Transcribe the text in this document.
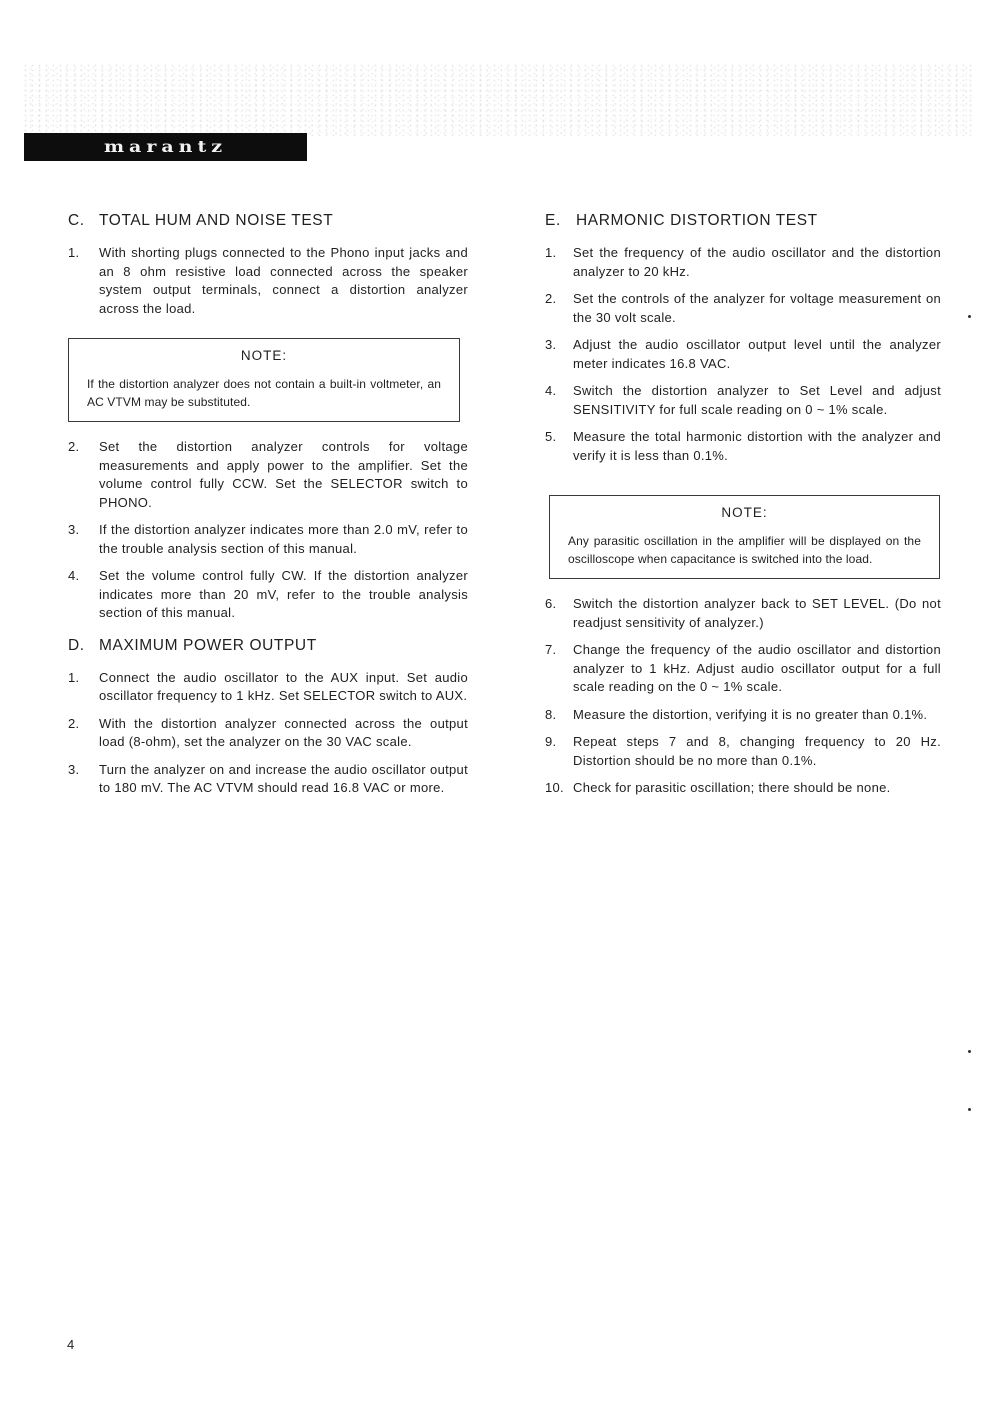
marantz
C. TOTAL HUM AND NOISE TEST
1.	With shorting plugs connected to the Phono input jacks and an 8 ohm resistive load connected across the speaker system output terminals, connect a distortion analyzer across the load.
NOTE:
If the distortion analyzer does not contain a built-in voltmeter, an AC VTVM may be substituted.
2.	Set the distortion analyzer controls for voltage measurements and apply power to the amplifier. Set the volume control fully CCW. Set the SELECTOR switch to PHONO.
3.	If the distortion analyzer indicates more than 2.0 mV, refer to the trouble analysis section of this manual.
4.	Set the volume control fully CW. If the distortion analyzer indicates more than 20 mV, refer to the trouble analysis section of this manual.
D. MAXIMUM POWER OUTPUT
1.	Connect the audio oscillator to the AUX input. Set audio oscillator frequency to 1 kHz. Set SELECTOR switch to AUX.
2.	With the distortion analyzer connected across the output load (8-ohm), set the analyzer on the 30 VAC scale.
3.	Turn the analyzer on and increase the audio oscillator output to 180 mV. The AC VTVM should read 16.8 VAC or more.
E. HARMONIC DISTORTION TEST
1.	Set the frequency of the audio oscillator and the distortion analyzer to 20 kHz.
2.	Set the controls of the analyzer for voltage measurement on the 30 volt scale.
3.	Adjust the audio oscillator output level until the analyzer meter indicates 16.8 VAC.
4.	Switch the distortion analyzer to Set Level and adjust SENSITIVITY for full scale reading on 0 ~ 1% scale.
5.	Measure the total harmonic distortion with the analyzer and verify it is less than 0.1%.
NOTE:
Any parasitic oscillation in the amplifier will be displayed on the oscilloscope when capacitance is switched into the load.
6.	Switch the distortion analyzer back to SET LEVEL. (Do not readjust sensitivity of analyzer.)
7.	Change the frequency of the audio oscillator and distortion analyzer to 1 kHz. Adjust audio oscillator output for a full scale reading on the 0 ~ 1% scale.
8.	Measure the distortion, verifying it is no greater than 0.1%.
9.	Repeat steps 7 and 8, changing frequency to 20 Hz. Distortion should be no more than 0.1%.
10. Check for parasitic oscillation; there should be none.
4
